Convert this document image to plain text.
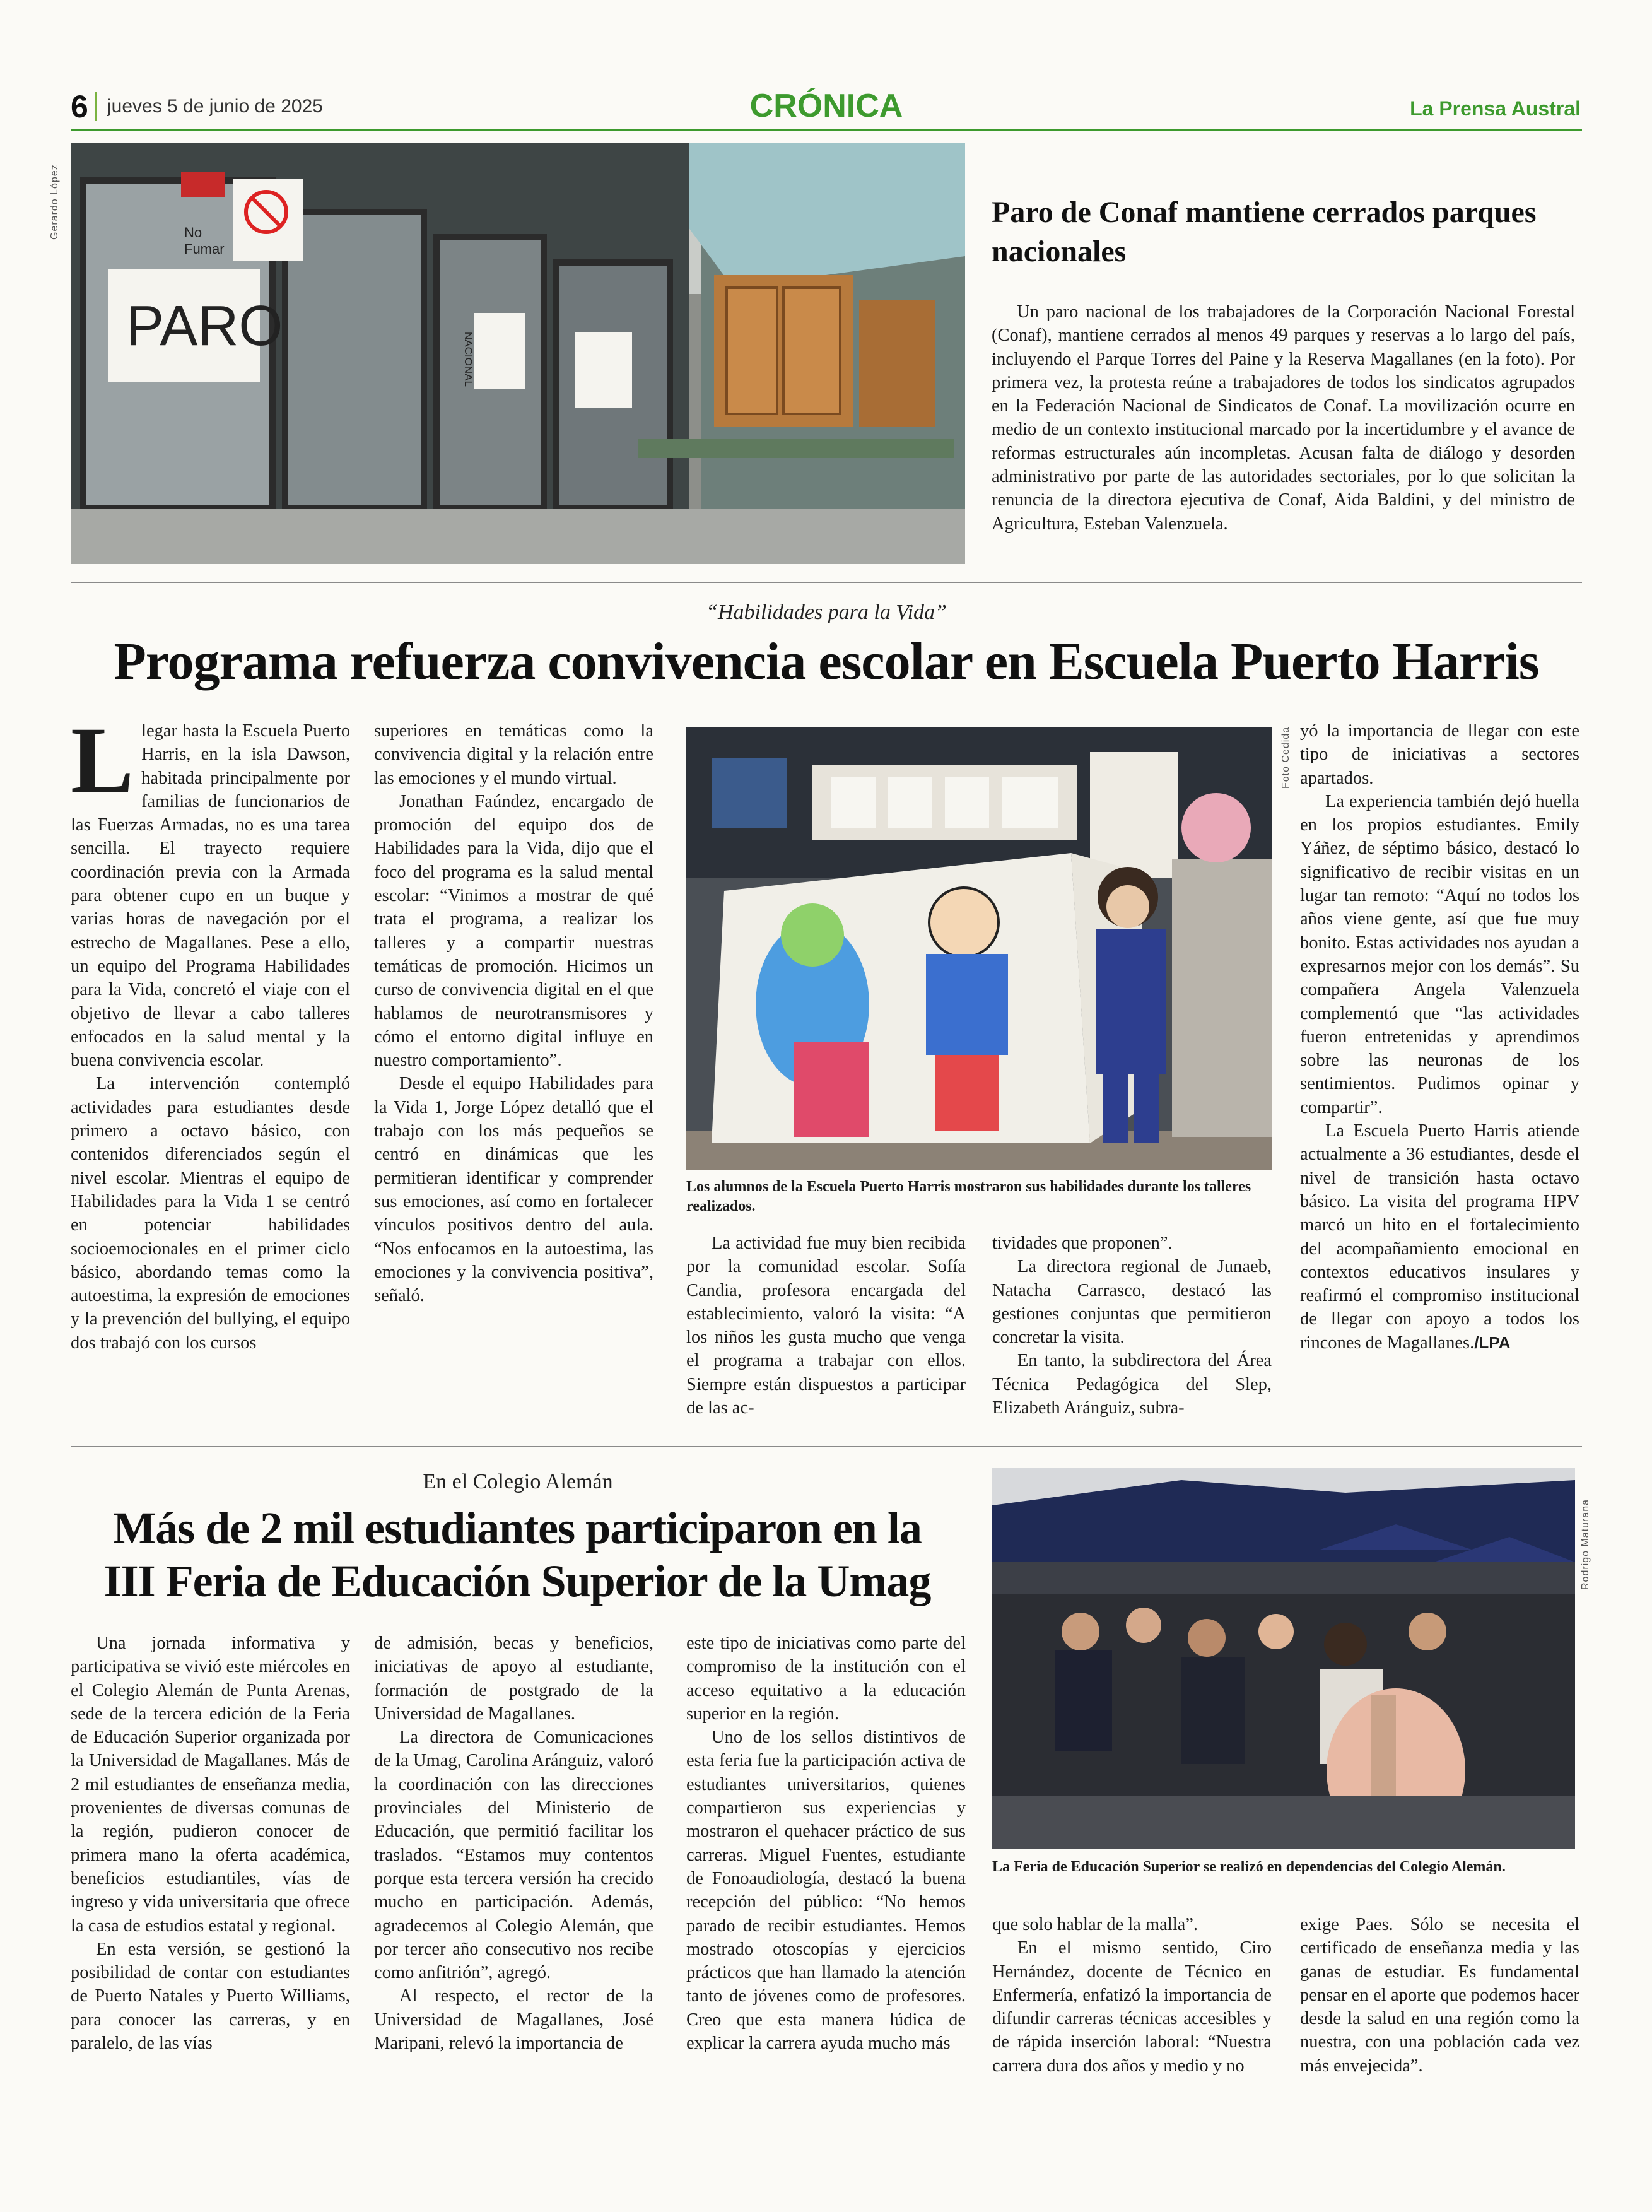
6 jueves 5 de junio de 2025	CRÓNICA	La Prensa Austral
Gerardo López
PARO
No Fumar
NACIONAL
Paro de Conaf mantiene cerrados parques nacionales

Un paro nacional de los trabajadores de la Corporación Nacional Forestal (Conaf), mantiene cerrados al menos 49 parques y reservas a lo largo del país, incluyendo el Parque Torres del Paine y la Reserva Magallanes (en la foto). Por primera vez, la protesta reúne a trabajadores de todos los sindicatos agrupados en la Federación Nacional de Sindicatos de Conaf. La movilización ocurre en medio de un contexto institucional marcado por la incertidumbre y el avance de reformas estructurales aún incompletas. Acusan falta de diálogo y desorden administrativo por parte de las autoridades sectoriales, por lo que solicitan la renuncia de la directora ejecutiva de Conaf, Aida Baldini, y del ministro de Agricultura, Esteban Valenzuela.

“Habilidades para la Vida”
Programa refuerza convivencia escolar en Escuela Puerto Harris

Llegar hasta la Escuela Puerto Harris, en la isla Dawson, habitada principalmente por familias de funcionarios de las Fuerzas Armadas, no es una tarea sencilla. El trayecto requiere coordinación previa con la Armada para obtener cupo en un buque y varias horas de navegación por el estrecho de Magallanes. Pese a ello, un equipo del Programa Habilidades para la Vida, concretó el viaje con el objetivo de llevar a cabo talleres enfocados en la salud mental y la buena convivencia escolar.

La intervención contempló actividades para estudiantes desde primero a octavo básico, con contenidos diferenciados según el nivel escolar. Mientras el equipo de Habilidades para la Vida 1 se centró en potenciar habilidades socioemocionales en el primer ciclo básico, abordando temas como la autoestima, la expresión de emociones y la prevención del bullying, el equipo dos trabajó con los cursos

superiores en temáticas como la convivencia digital y la relación entre las emociones y el mundo virtual.

Jonathan Faúndez, encargado de promoción del equipo dos de Habilidades para la Vida, dijo que el foco del programa es la salud mental escolar: “Vinimos a mostrar de qué trata el programa, a realizar los talleres y a compartir nuestras temáticas de promoción. Hicimos un curso de convivencia digital en el que hablamos de neurotransmisores y cómo el entorno digital influye en nuestro comportamiento”.

Desde el equipo Habilidades para la Vida 1, Jorge López detalló que el trabajo con los más pequeños se centró en dinámicas que les permitieran identificar y comprender sus emociones, así como en fortalecer vínculos positivos dentro del aula. “Nos enfocamos en la autoestima, las emociones y la convivencia positiva”, señaló.

Foto Cedida
Los alumnos de la Escuela Puerto Harris mostraron sus habilidades durante los talleres realizados.

La actividad fue muy bien recibida por la comunidad escolar. Sofía Candia, profesora encargada del establecimiento, valoró la visita: “A los niños les gusta mucho que venga el programa a trabajar con ellos. Siempre están dispuestos a participar de las ac-

tividades que proponen”.

La directora regional de Junaeb, Natacha Carrasco, destacó las gestiones conjuntas que permitieron concretar la visita.

En tanto, la subdirectora del Área Técnica Pedagógica del Slep, Elizabeth Aránguiz, subra-

yó la importancia de llegar con este tipo de iniciativas a sectores apartados.

La experiencia también dejó huella en los propios estudiantes. Emily Yáñez, de séptimo básico, destacó lo significativo de recibir visitas en un lugar tan remoto: “Aquí no todos los años viene gente, así que fue muy bonito. Estas actividades nos ayudan a expresarnos mejor con los demás”. Su compañera Angela Valenzuela complementó que “las actividades fueron entretenidas y aprendimos sobre las neuronas de los sentimientos. Pudimos opinar y compartir”.

La Escuela Puerto Harris atiende actualmente a 36 estudiantes, desde el nivel de transición hasta octavo básico. La visita del programa HPV marcó un hito en el fortalecimiento del acompañamiento emocional en contextos educativos insulares y reafirmó el compromiso institucional de llegar con apoyo a todos los rincones de Magallanes./LPA

En el Colegio Alemán
Más de 2 mil estudiantes participaron en la III Feria de Educación Superior de la Umag	Rodrigo Maturana
La Feria de Educación Superior se realizó en dependencias del Colegio Alemán.

Una jornada informativa y participativa se vivió este miércoles en el Colegio Alemán de Punta Arenas, sede de la tercera edición de la Feria de Educación Superior organizada por la Universidad de Magallanes. Más de 2 mil estudiantes de enseñanza media, provenientes de diversas comunas de la región, pudieron conocer de primera mano la oferta académica, beneficios estudiantiles, vías de ingreso y vida universitaria que ofrece la casa de estudios estatal y regional.

En esta versión, se gestionó la posibilidad de contar con estudiantes de Puerto Natales y Puerto Williams, para conocer las carreras, y en paralelo, de las vías

de admisión, becas y beneficios, iniciativas de apoyo al estudiante, formación de postgrado de la Universidad de Magallanes.

La directora de Comunicaciones de la Umag, Carolina Aránguiz, valoró la coordinación con las direcciones provinciales del Ministerio de Educación, que permitió facilitar los traslados. “Estamos muy contentos porque esta tercera versión ha crecido mucho en participación. Además, agradecemos al Colegio Alemán, que por tercer año consecutivo nos recibe como anfitrión”, agregó.

Al respecto, el rector de la Universidad de Magallanes, José Maripani, relevó la importancia de

este tipo de iniciativas como parte del compromiso de la institución con el acceso equitativo a la educación superior en la región.

Uno de los sellos distintivos de esta feria fue la participación activa de estudiantes universitarios, quienes compartieron sus experiencias y mostraron el quehacer práctico de sus carreras. Miguel Fuentes, estudiante de Fonoaudiología, destacó la buena recepción del público: “No hemos parado de recibir estudiantes. Hemos mostrado otoscopías y ejercicios prácticos que han llamado la atención tanto de jóvenes como de profesores. Creo que esta manera lúdica de explicar la carrera ayuda mucho más

que solo hablar de la malla”.

En el mismo sentido, Ciro Hernández, docente de Técnico en Enfermería, enfatizó la importancia de difundir carreras técnicas accesibles y de rápida inserción laboral: “Nuestra carrera dura dos años y medio y no

exige Paes. Sólo se necesita el certificado de enseñanza media y las ganas de estudiar. Es fundamental pensar en el aporte que podemos hacer desde la salud en una región como la nuestra, con una población cada vez más envejecida”.
